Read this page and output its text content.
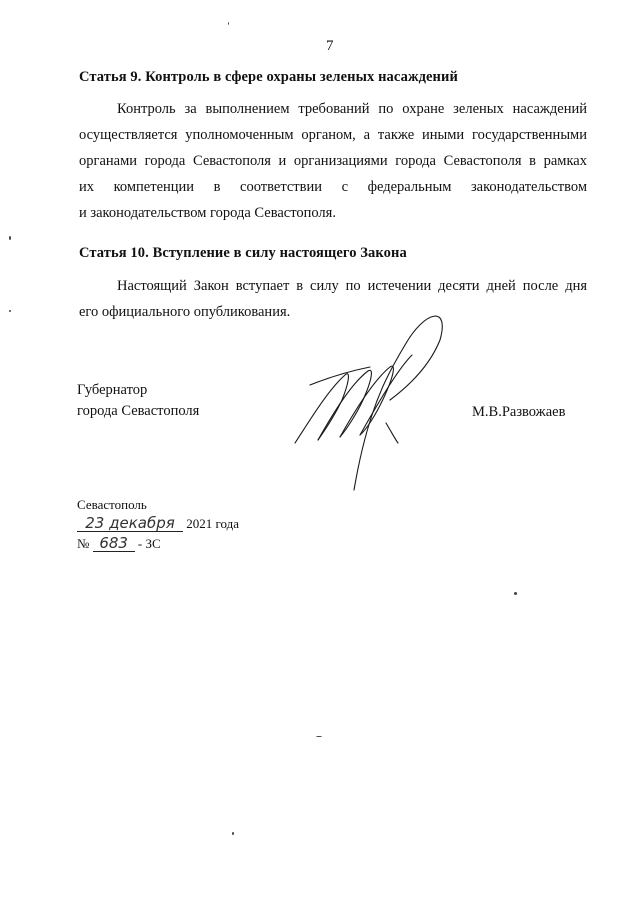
7
Статья 9. Контроль в сфере охраны зеленых насаждений
Контроль за выполнением требований по охране зеленых насаждений
осуществляется уполномоченным органом, а также иными государственными
органами города Севастополя и организациями города Севастополя в рамках
их компетенции в соответствии с федеральным законодательством
и законодательством города Севастополя.
Статья 10. Вступление в силу настоящего Закона
Настоящий Закон вступает в силу по истечении десяти дней после дня
его официального опубликования.
Губернатор
города Севастополя	М.В.Развожаев
Севастополь
23 декабря 2021 года
№ 683 - ЗС
